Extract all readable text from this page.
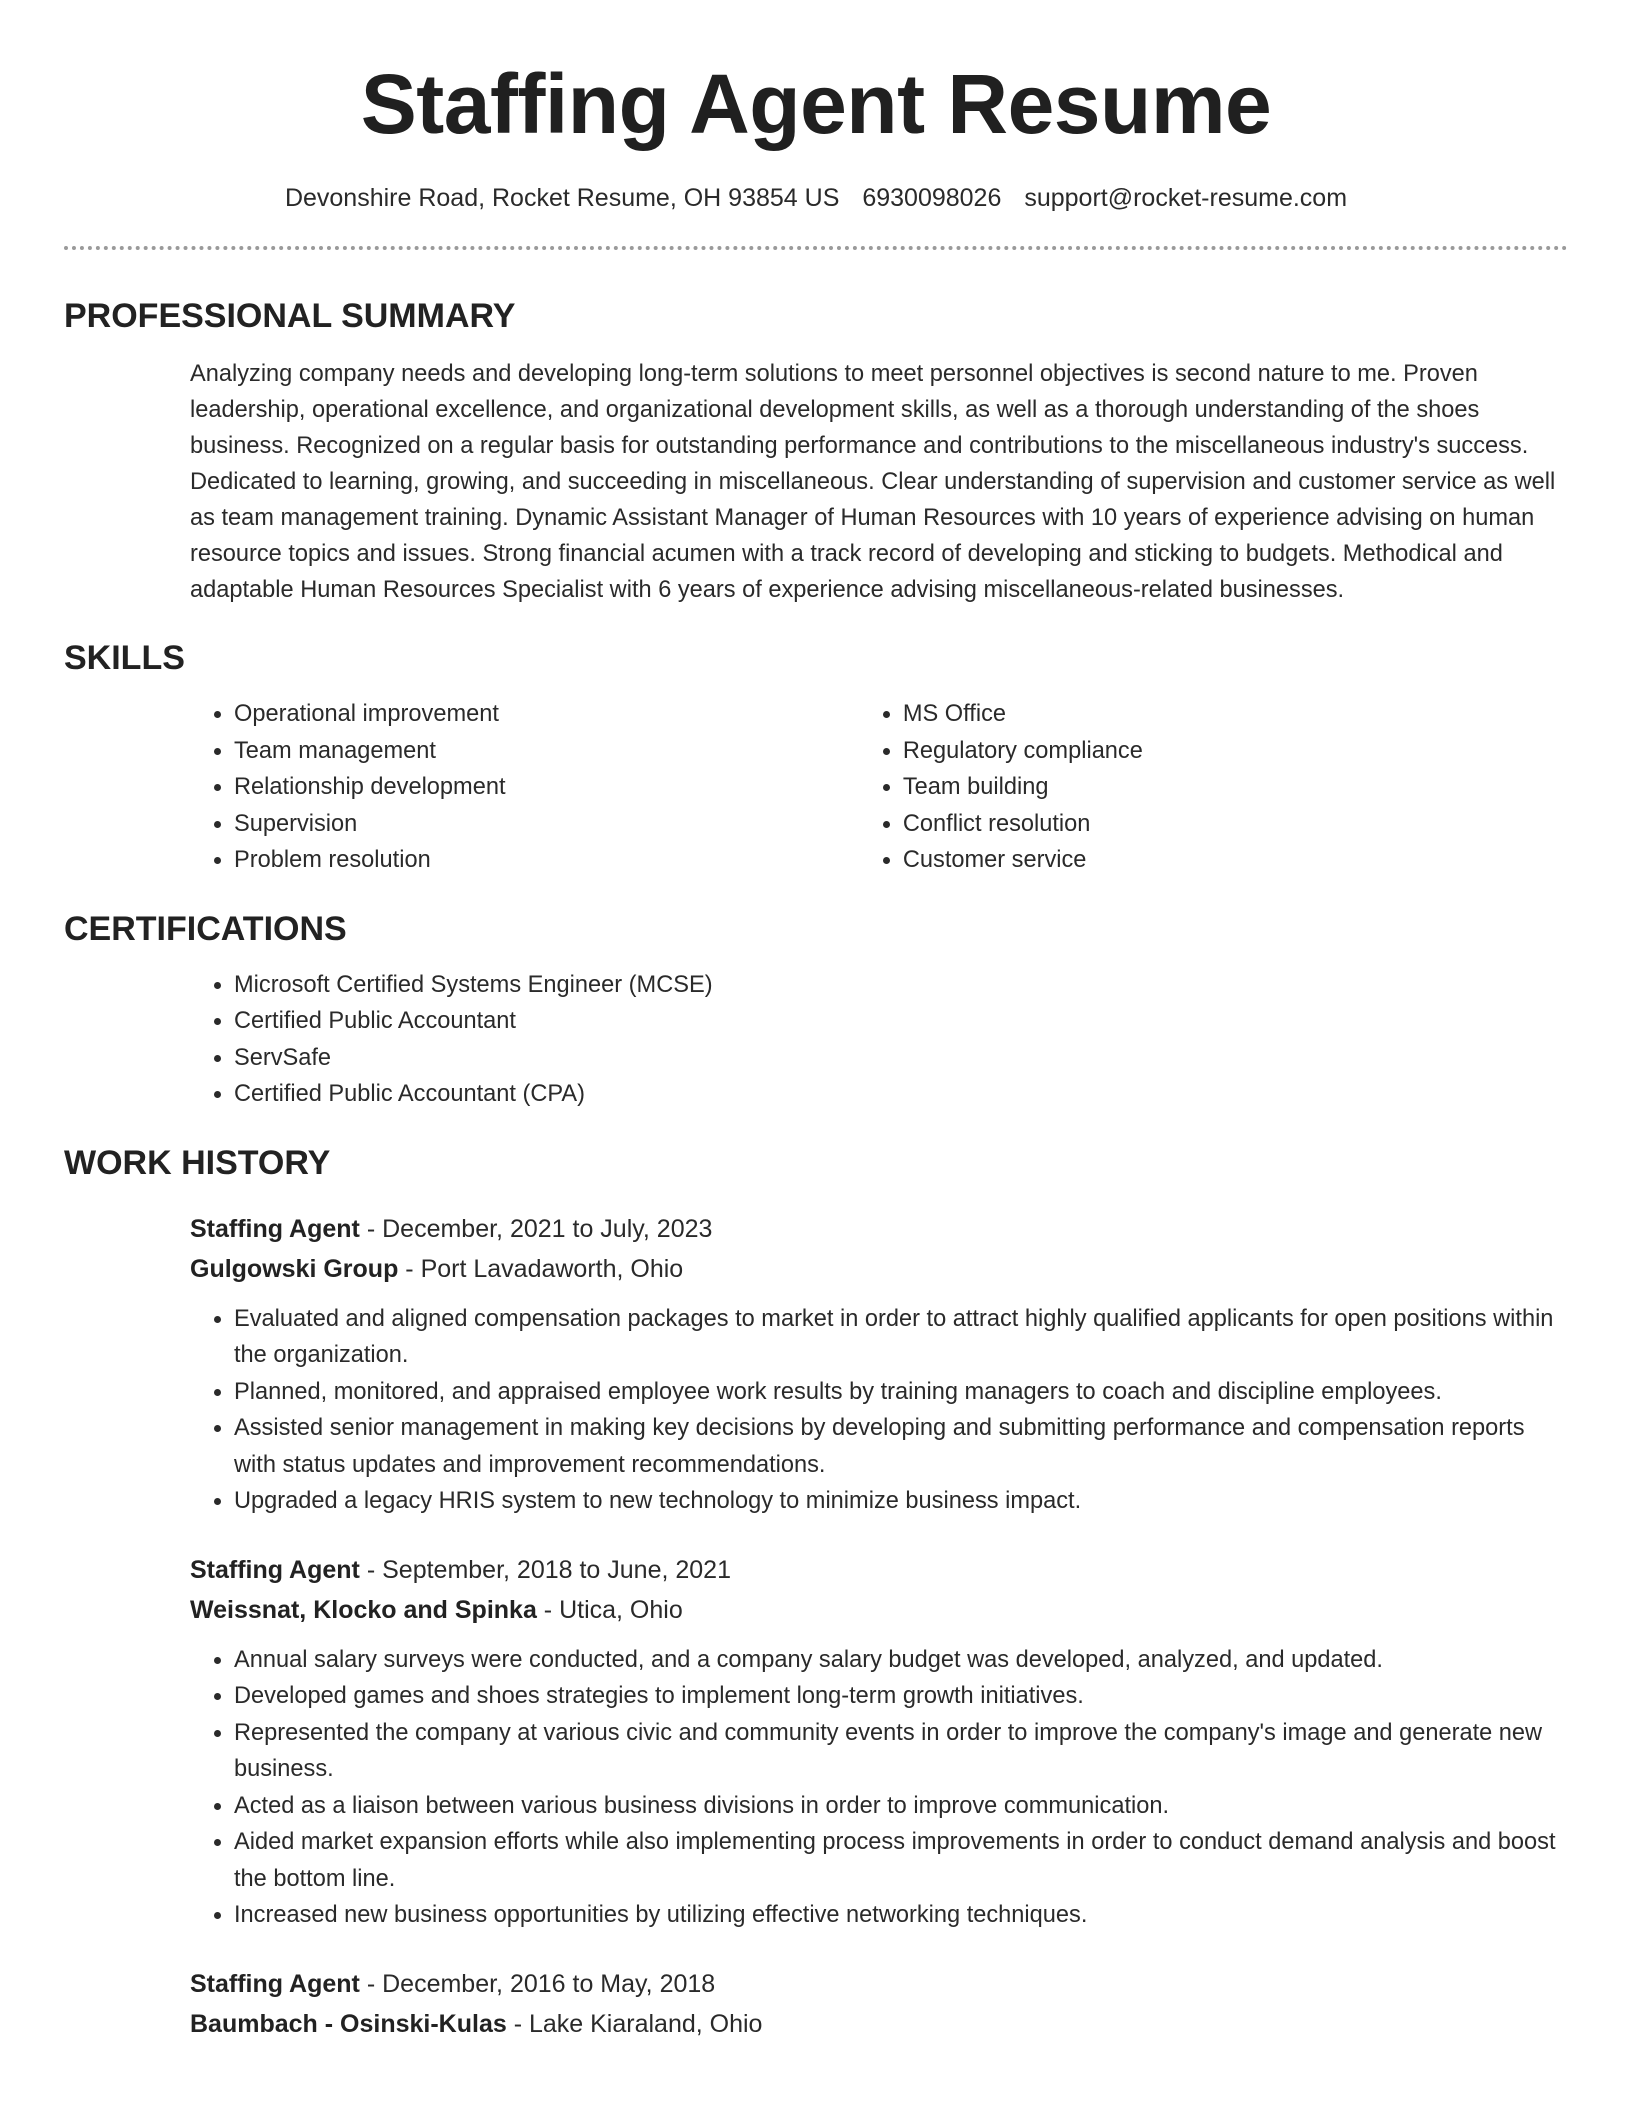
Staffing Agent Resume
Devonshire Road, Rocket Resume, OH 93854 US 6930098026 support@rocket-resume.com
PROFESSIONAL SUMMARY

Analyzing company needs and developing long-term solutions to meet personnel objectives is second nature to me. Proven leadership, operational excellence, and organizational development skills, as well as a thorough understanding of the shoes business. Recognized on a regular basis for outstanding performance and contributions to the miscellaneous industry's success. Dedicated to learning, growing, and succeeding in miscellaneous. Clear understanding of supervision and customer service as well as team management training. Dynamic Assistant Manager of Human Resources with 10 years of experience advising on human resource topics and issues. Strong financial acumen with a track record of developing and sticking to budgets. Methodical and adaptable Human Resources Specialist with 6 years of experience advising miscellaneous-related businesses.

SKILLS
• Operational improvement
• Team management
• Relationship development
• Supervision
• Problem resolution
• MS Office
• Regulatory compliance
• Team building
• Conflict resolution
• Customer service
CERTIFICATIONS
• Microsoft Certified Systems Engineer (MCSE)
• Certified Public Accountant
• ServSafe
• Certified Public Accountant (CPA)
WORK HISTORY
Staffing Agent - December, 2021 to July, 2023
Gulgowski Group - Port Lavadaworth, Ohio
• Evaluated and aligned compensation packages to market in order to attract highly qualified applicants for open positions within the organization.
• Planned, monitored, and appraised employee work results by training managers to coach and discipline employees.
• Assisted senior management in making key decisions by developing and submitting performance and compensation reports with status updates and improvement recommendations.
• Upgraded a legacy HRIS system to new technology to minimize business impact.
Staffing Agent - September, 2018 to June, 2021
Weissnat, Klocko and Spinka - Utica, Ohio
• Annual salary surveys were conducted, and a company salary budget was developed, analyzed, and updated.
• Developed games and shoes strategies to implement long-term growth initiatives.
• Represented the company at various civic and community events in order to improve the company's image and generate new business.
• Acted as a liaison between various business divisions in order to improve communication.
• Aided market expansion efforts while also implementing process improvements in order to conduct demand analysis and boost the bottom line.
• Increased new business opportunities by utilizing effective networking techniques.
Staffing Agent - December, 2016 to May, 2018
Baumbach - Osinski-Kulas - Lake Kiaraland, Ohio
